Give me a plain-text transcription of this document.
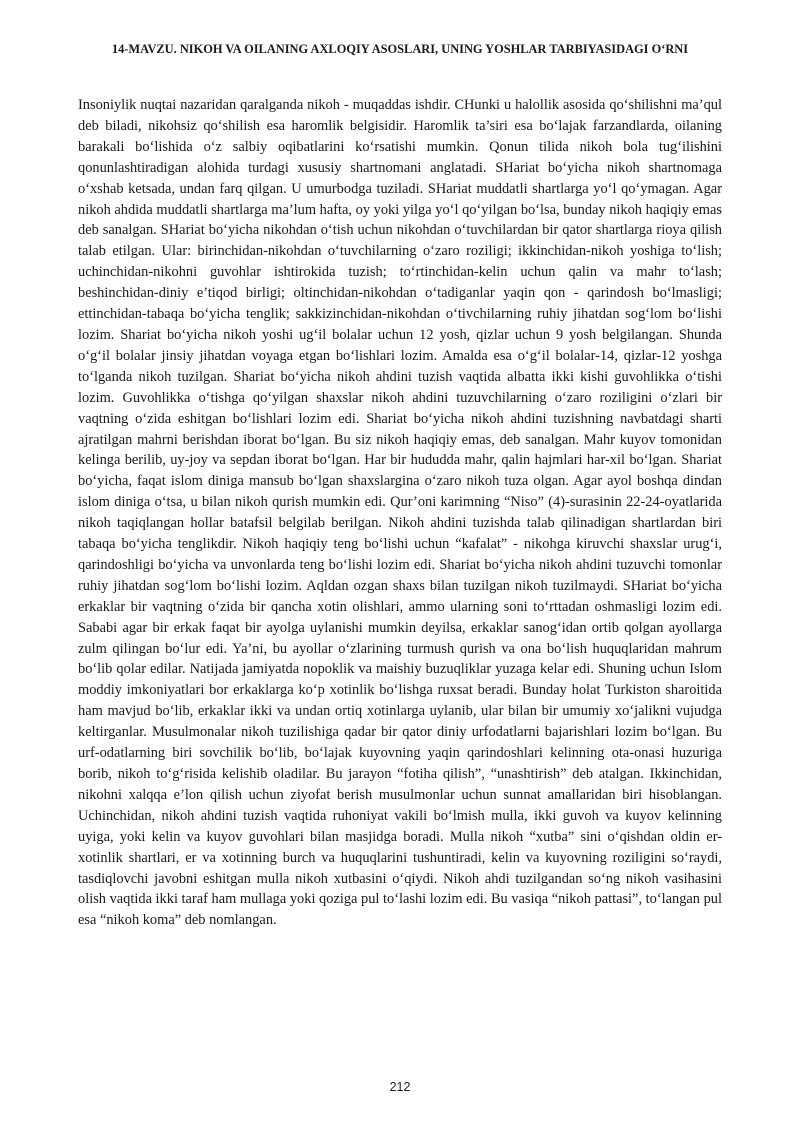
14-MAVZU. NIKOH VA OILANING AXLOQIY ASOSLARI, UNING YOSHLAR TARBIYASIDAGI O‘RNI

Insoniylik nuqtai nazaridan qaralganda nikoh - muqaddas ishdir. CHunki u halollik asosida qo‘shilishni ma’qul deb biladi, nikohsiz qo‘shilish esa haromlik belgisidir. Haromlik ta’siri esa bo‘lajak farzandlarda, oilaning barakali bo‘lishida o‘z salbiy oqibatlarini ko‘rsatishi mumkin. Qonun tilida nikoh bola tug‘ilishini qonunlashtiradigan alohida turdagi xususiy shartnomani anglatadi. SHariat bo‘yicha nikoh shartnomaga o‘xshab ketsada, undan farq qilgan. U umurbodga tuziladi. SHariat muddatli shartlarga yo‘l qo‘ymagan. Agar nikoh ahdida muddatli shartlarga ma’lum hafta, oy yoki yilga yo‘l qo‘yilgan bo‘lsa, bunday nikoh haqiqiy emas deb sanalgan. SHariat bo‘yicha nikohdan o‘tish uchun nikohdan o‘tuvchilardan bir qator shartlarga rioya qilish talab etilgan. Ular: birinchidan-nikohdan o‘tuvchilarning o‘zaro roziligi; ikkinchidan-nikoh yoshiga to‘lish; uchinchidan-nikohni guvohlar ishtirokida tuzish; to‘rtinchidan-kelin uchun qalin va mahr to‘lash; beshinchidan-diniy e’tiqod birligi; oltinchidan-nikohdan o‘tadiganlar yaqin qon - qarindosh bo‘lmasligi; ettinchidan-tabaqa bo‘yicha tenglik; sakkizinchidan-nikohdan o‘tivchilarning ruhiy jihatdan sog‘lom bo‘lishi lozim. Shariat bo‘yicha nikoh yoshi ug‘il bolalar uchun 12 yosh, qizlar uchun 9 yosh belgilangan. Shunda o‘g‘il bolalar jinsiy jihatdan voyaga etgan bo‘lishlari lozim. Amalda esa o‘g‘il bolalar-14, qizlar-12 yoshga to‘lganda nikoh tuzilgan. Shariat bo‘yicha nikoh ahdini tuzish vaqtida albatta ikki kishi guvohlikka o‘tishi lozim. Guvohlikka o‘tishga qo‘yilgan shaxslar nikoh ahdini tuzuvchilarning o‘zaro roziligini o‘zlari bir vaqtning o‘zida eshitgan bo‘lishlari lozim edi. Shariat bo‘yicha nikoh ahdini tuzishning navbatdagi sharti ajratilgan mahrni berishdan iborat bo‘lgan. Bu siz nikoh haqiqiy emas, deb sanalgan. Mahr kuyov tomonidan kelinga berilib, uy-joy va sepdan iborat bo‘lgan. Har bir hududda mahr, qalin hajmlari har-xil bo‘lgan. Shariat bo‘yicha, faqat islom diniga mansub bo‘lgan shaxslargina o‘zaro nikoh tuza olgan. Agar ayol boshqa dindan islom diniga o‘tsa, u bilan nikoh qurish mumkin edi. Qur’oni karimning “Niso” (4)-surasinin 22-24-oyatlarida nikoh taqiqlangan hollar batafsil belgilab berilgan. Nikoh ahdini tuzishda talab qilinadigan shartlardan biri tabaqa bo‘yicha tenglikdir. Nikoh haqiqiy teng bo‘lishi uchun “kafalat” - nikohga kiruvchi shaxslar urug‘i, qarindoshligi bo‘yicha va unvonlarda teng bo‘lishi lozim edi. Shariat bo‘yicha nikoh ahdini tuzuvchi tomonlar ruhiy jihatdan sog‘lom bo‘lishi lozim. Aqldan ozgan shaxs bilan tuzilgan nikoh tuzilmaydi. SHariat bo‘yicha erkaklar bir vaqtning o‘zida bir qancha xotin olishlari, ammo ularning soni to‘rttadan oshmasligi lozim edi. Sababi agar bir erkak faqat bir ayolga uylanishi mumkin deyilsa, erkaklar sanog‘idan ortib qolgan ayollarga zulm qilingan bo‘lur edi. Ya’ni, bu ayollar o‘zlarining turmush qurish va ona bo‘lish huquqlaridan mahrum bo‘lib qolar edilar. Natijada jamiyatda nopoklik va maishiy buzuqliklar yuzaga kelar edi. Shuning uchun Islom moddiy imkoniyatlari bor erkaklarga ko‘p xotinlik bo‘lishga ruxsat beradi. Bunday holat Turkiston sharoitida ham mavjud bo‘lib, erkaklar ikki va undan ortiq xotinlarga uylanib, ular bilan bir umumiy xo‘jalikni vujudga keltirganlar. Musulmonalar nikoh tuzilishiga qadar bir qator diniy urfodatlarni bajarishlari lozim bo‘lgan. Bu urf-odatlarning biri sovchilik bo‘lib, bo‘lajak kuyovning yaqin qarindoshlari kelinning ota-onasi huzuriga borib, nikoh to‘g‘risida kelishib oladilar. Bu jarayon “fotiha qilish”, “unashtirish” deb atalgan. Ikkinchidan, nikohni xalqqa e’lon qilish uchun ziyofat berish musulmonlar uchun sunnat amallaridan biri hisoblangan. Uchinchidan, nikoh ahdini tuzish vaqtida ruhoniyat vakili bo‘lmish mulla, ikki guvoh va kuyov kelinning uyiga, yoki kelin va kuyov guvohlari bilan masjidga boradi. Mulla nikoh “xutba” sini o‘qishdan oldin er-xotinlik shartlari, er va xotinning burch va huquqlarini tushuntiradi, kelin va kuyovning roziligini so‘raydi, tasdiqlovchi javobni eshitgan mulla nikoh xutbasini o‘qiydi. Nikoh ahdi tuzilgandan so‘ng nikoh vasihasini olish vaqtida ikki taraf ham mullaga yoki qoziga pul to‘lashi lozim edi. Bu vasiqa “nikoh pattasi”, to‘langan pul esa “nikoh koma” deb nomlangan.

212
